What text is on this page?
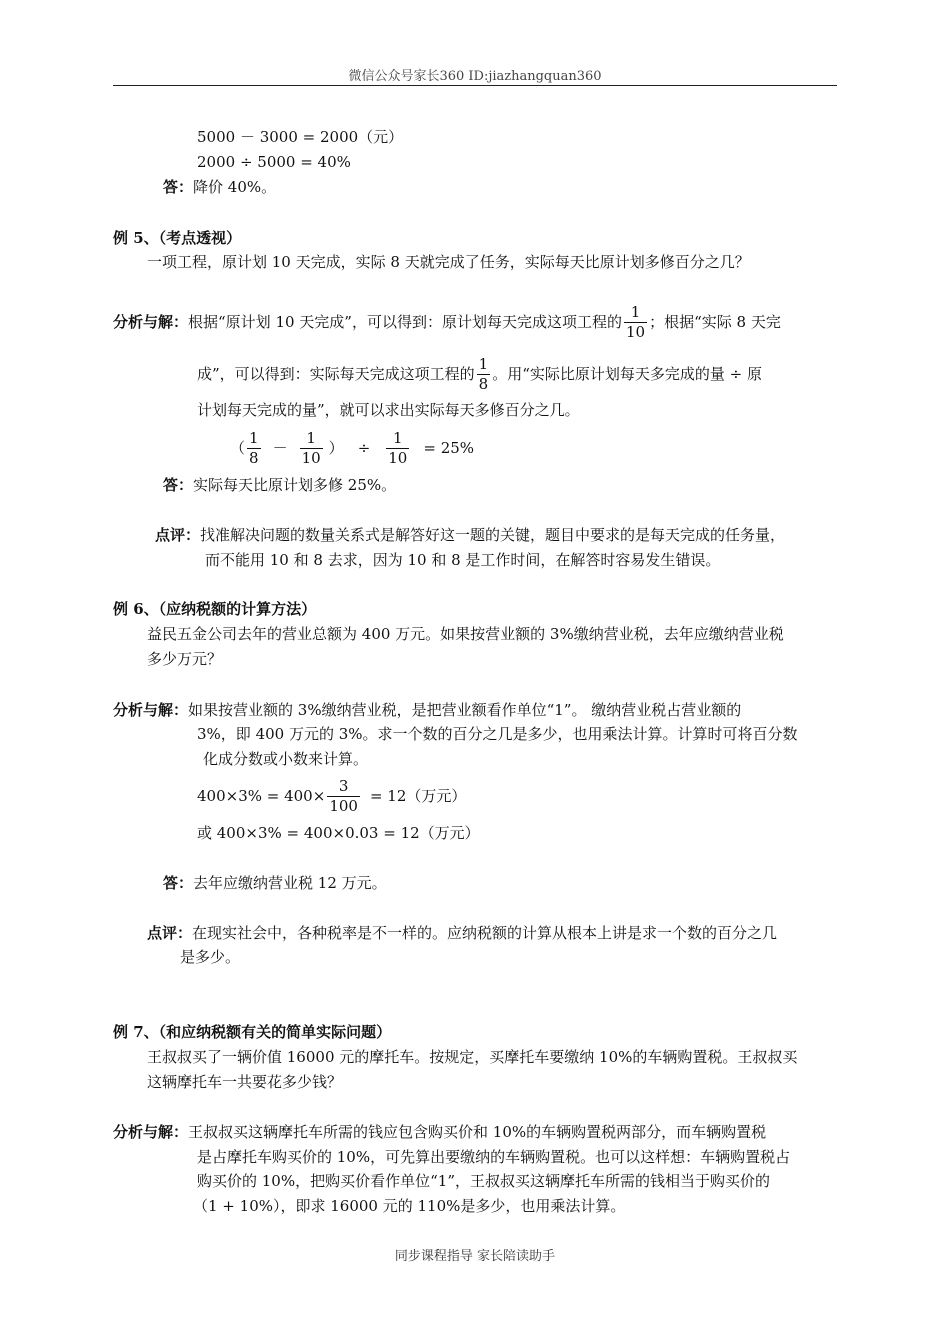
微信公众号家长360 ID:jiazhangquan360
5000 － 3000 = 2000（元）
2000 ÷ 5000 = 40%
答：降价 40%。
例 5、（考点透视）
一项工程，原计划 10 天完成，实际 8 天就完成了任务，实际每天比原计划多修百分之几？
分析与解： 根据“原计划 10 天完成”，可以得到：原计划每天完成这项工程的 $\frac{1}{10}$ ；根据“实际 8 天完
成”，可以得到：实际每天完成这项工程的 $\frac{1}{8}$ 。用“实际比原计划每天多完成的量 ÷ 原
计划每天完成的量”，就可以求出实际每天多修百分之几。
（ $\frac{1}{8} - \frac{1}{10}$ ） ÷ $\frac{1}{10} = 25\%$
答：实际每天比原计划多修 25%。
点评：找准解决问题的数量关系式是解答好这一题的关键，题目中要求的是每天完成的任务量，
而不能用 10 和 8 去求，因为 10 和 8 是工作时间，在解答时容易发生错误。
例 6、（应纳税额的计算方法）
益民五金公司去年的营业总额为 400 万元。如果按营业额的 3%缴纳营业税，去年应缴纳营业税
多少万元？
分析与解：如果按营业额的 3%缴纳营业税，是把营业额看作单位“1”。 缴纳营业税占营业额的
3%，即 400 万元的 3%。求一个数的百分之几是多少，也用乘法计算。计算时可将百分数
化成分数或小数来计算。
$400\times 3\% = 400\times \frac{3}{100} = 12$（万元）
或 400×3% = 400×0.03 = 12（万元）
答：去年应缴纳营业税 12 万元。
点评：在现实社会中，各种税率是不一样的。应纳税额的计算从根本上讲是求一个数的百分之几
是多少。
例 7、（和应纳税额有关的简单实际问题）
王叔叔买了一辆价值 16000 元的摩托车。按规定，买摩托车要缴纳 10%的车辆购置税。王叔叔买
这辆摩托车一共要花多少钱？
分析与解：王叔叔买这辆摩托车所需的钱应包含购买价和 10%的车辆购置税两部分，而车辆购置税
是占摩托车购买价的 10%，可先算出要缴纳的车辆购置税。也可以这样想：车辆购置税占
购买价的 10%，把购买价看作单位“1”，王叔叔买这辆摩托车所需的钱相当于购买价的
（1 + 10%），即求 16000 元的 110%是多少，也用乘法计算。
同步课程指导 家长陪读助手
